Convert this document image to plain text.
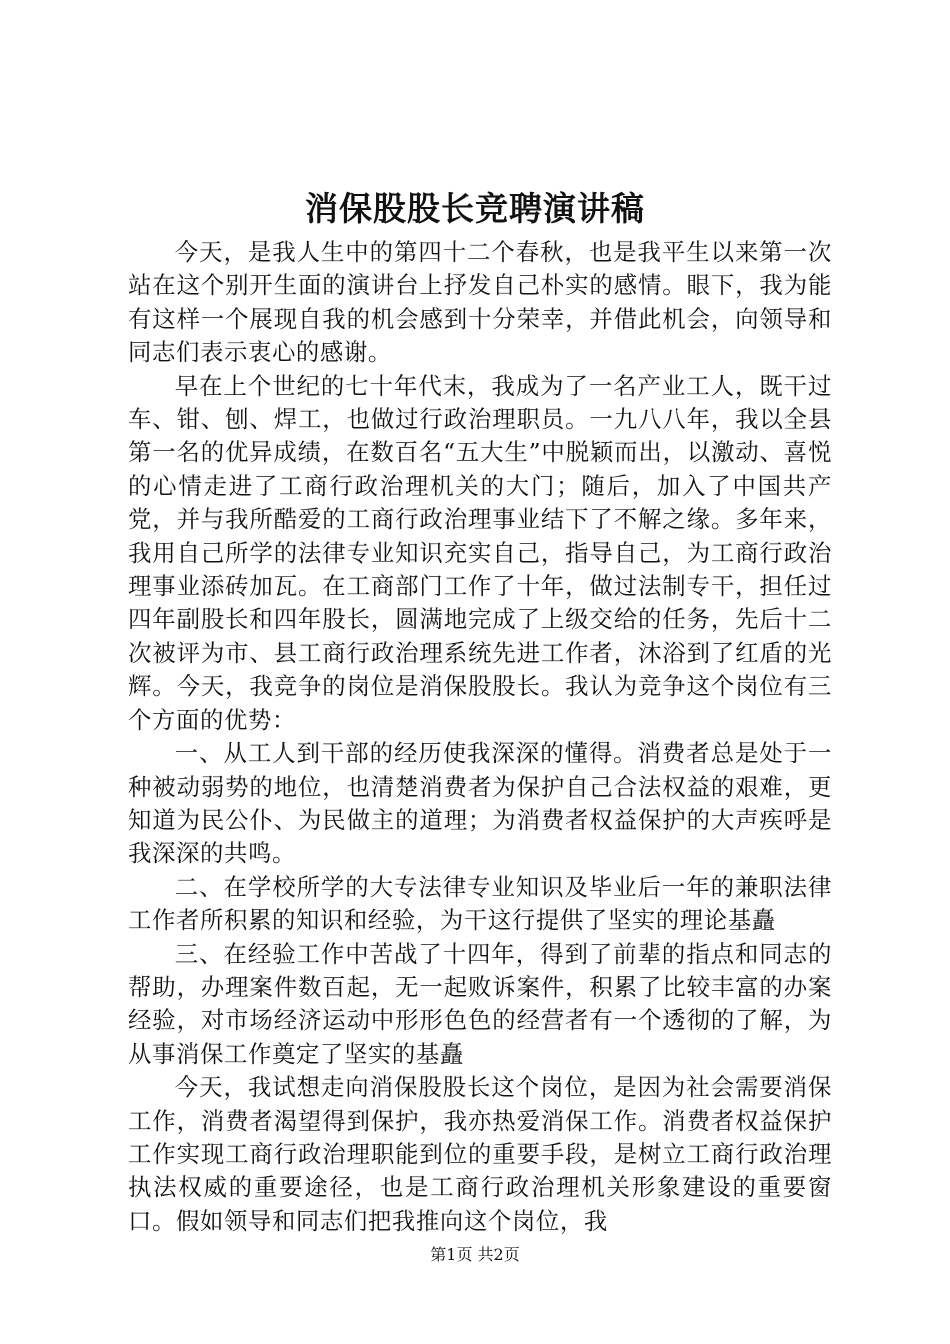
消保股股长竞聘演讲稿

今天，是我人生中的第四十二个春秋，也是我平生以来第一次站在这个别开生面的演讲台上抒发自己朴实的感情。眼下，我为能有这样一个展现自我的机会感到十分荣幸，并借此机会，向领导和同志们表示衷心的感谢。

早在上个世纪的七十年代末，我成为了一名产业工人，既干过车、钳、刨、焊工，也做过行政治理职员。一九八八年，我以全县第一名的优异成绩，在数百名“五大生”中脱颖而出，以激动、喜悦的心情走进了工商行政治理机关的大门；随后，加入了中国共产党，并与我所酷爱的工商行政治理事业结下了不解之缘。多年来，我用自己所学的法律专业知识充实自己，指导自己，为工商行政治理事业添砖加瓦。在工商部门工作了十年，做过法制专干，担任过四年副股长和四年股长，圆满地完成了上级交给的任务，先后十二次被评为市、县工商行政治理系统先进工作者，沐浴到了红盾的光辉。今天，我竞争的岗位是消保股股长。我认为竞争这个岗位有三个方面的优势：

一、从工人到干部的经历使我深深的懂得。消费者总是处于一种被动弱势的地位，也清楚消费者为保护自己合法权益的艰难，更知道为民公仆、为民做主的道理；为消费者权益保护的大声疾呼是我深深的共鸣。

二、在学校所学的大专法律专业知识及毕业后一年的兼职法律工作者所积累的知识和经验，为干这行提供了坚实的理论基矗

三、在经验工作中苦战了十四年，得到了前辈的指点和同志的帮助，办理案件数百起，无一起败诉案件，积累了比较丰富的办案经验，对市场经济运动中形形色色的经营者有一个透彻的了解，为从事消保工作奠定了坚实的基矗

今天，我试想走向消保股股长这个岗位，是因为社会需要消保工作，消费者渴望得到保护，我亦热爱消保工作。消费者权益保护工作实现工商行政治理职能到位的重要手段，是树立工商行政治理执法权威的重要途径，也是工商行政治理机关形象建设的重要窗口。假如领导和同志们把我推向这个岗位，我

第1页 共2页
